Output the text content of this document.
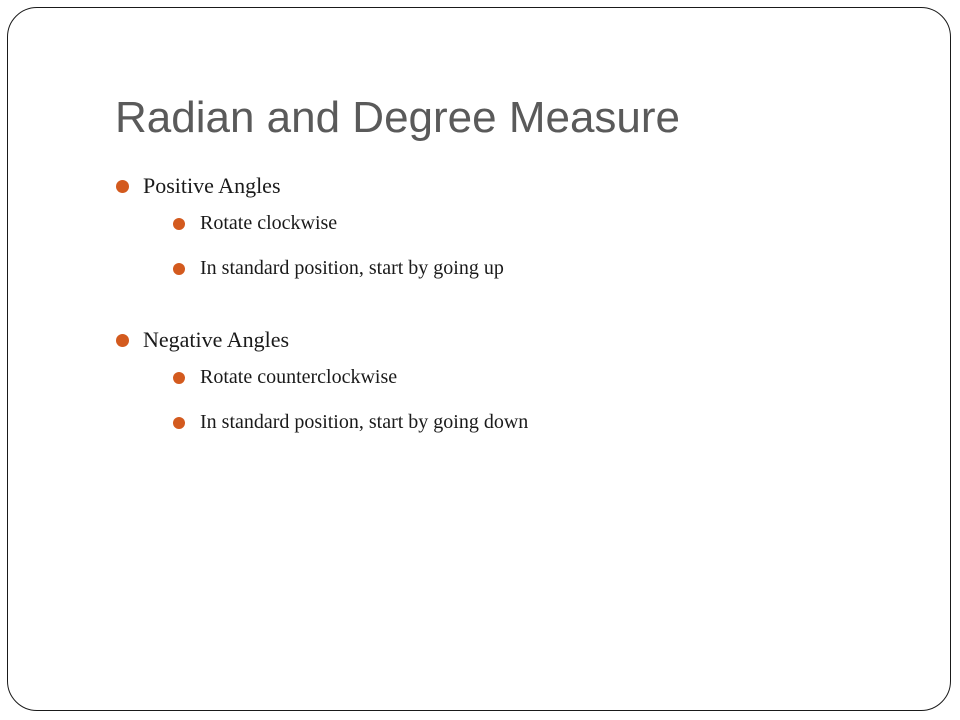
Radian and Degree Measure
Positive Angles
Rotate clockwise
In standard position, start by going up
Negative Angles
Rotate counterclockwise
In standard position, start by going down
